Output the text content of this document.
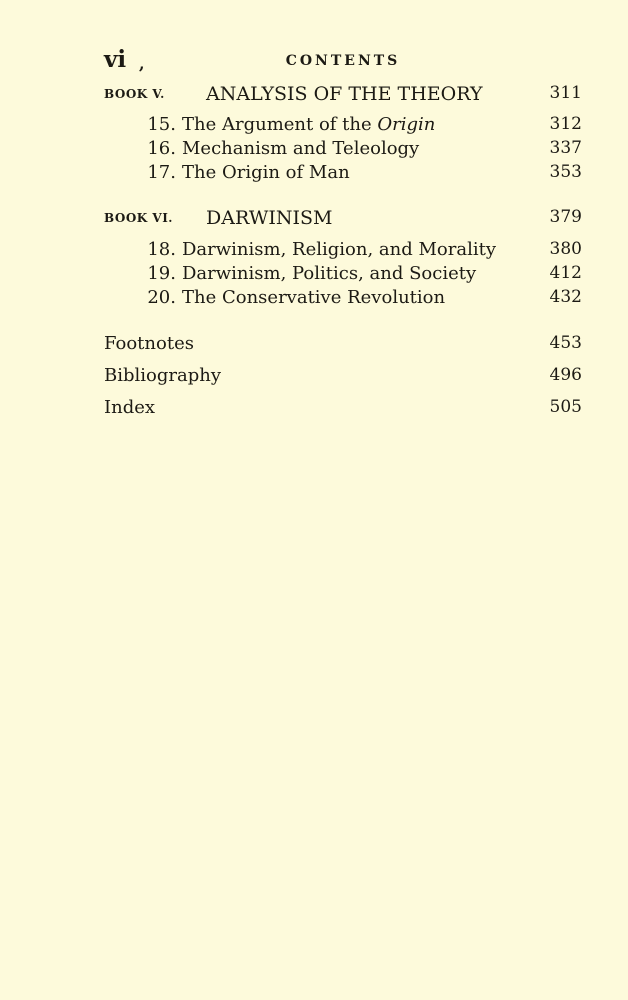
vi ,	CONTENTS
BOOK V. ANALYSIS OF THE THEORY	311
15. The Argument of the Origin	312
16. Mechanism and Teleology	337
17. The Origin of Man	353
BOOK VI. DARWINISM	379
18. Darwinism, Religion, and Morality	380
19. Darwinism, Politics, and Society	412
20. The Conservative Revolution	432
Footnotes	453
Bibliography	496
Index	505
